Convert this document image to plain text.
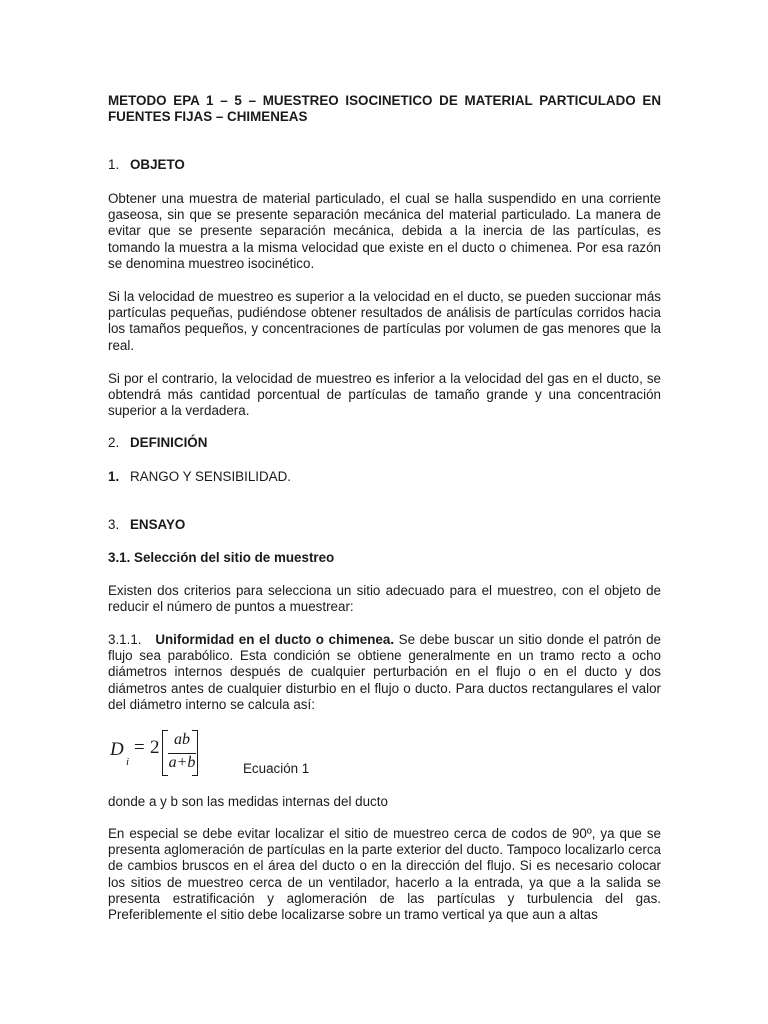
METODO EPA 1 – 5 – MUESTREO ISOCINETICO DE MATERIAL PARTICULADO EN FUENTES FIJAS – CHIMENEAS
1. OBJETO
Obtener una muestra de material particulado, el cual se halla suspendido en una corriente gaseosa, sin que se presente separación mecánica del material particulado. La manera de evitar que se presente separación mecánica, debida a la inercia de las partículas, es tomando la muestra a la misma velocidad que existe en el ducto o chimenea. Por esa razón se denomina muestreo isocinético.
Si la velocidad de muestreo es superior a la velocidad en el ducto, se pueden succionar más partículas pequeñas, pudiéndose obtener resultados de análisis de partículas corridos hacia los tamaños pequeños, y concentraciones de partículas por volumen de gas menores que la real.
Si por el contrario, la velocidad de muestreo es inferior a la velocidad del gas en el ducto, se obtendrá más cantidad porcentual de partículas de tamaño grande y una concentración superior a la verdadera.
2. DEFINICIÓN
1. RANGO Y SENSIBILIDAD.
3. ENSAYO
3.1. Selección del sitio de muestreo
Existen dos criterios para selecciona un sitio adecuado para el muestreo, con el objeto de reducir el número de puntos a muestrear:
3.1.1. Uniformidad en el ducto o chimenea. Se debe buscar un sitio donde el patrón de flujo sea parabólico. Esta condición se obtiene generalmente en un tramo recto a ocho diámetros internos después de cualquier perturbación en el flujo o en el ducto y dos diámetros antes de cualquier disturbio en el flujo o ducto. Para ductos rectangulares el valor del diámetro interno se calcula así:
D
i
= 2 ab
a+b	Ecuación 1
donde a y b son las medidas internas del ducto
En especial se debe evitar localizar el sitio de muestreo cerca de codos de 90º, ya que se presenta aglomeración de partículas en la parte exterior del ducto. Tampoco localizarlo cerca de cambios bruscos en el área del ducto o en la dirección del flujo. Si es necesario colocar los sitios de muestreo cerca de un ventilador, hacerlo a la entrada, ya que a la salida se presenta estratificación y aglomeración de las partículas y turbulencia del gas. Preferiblemente el sitio debe localizarse sobre un tramo vertical ya que aun a altas
